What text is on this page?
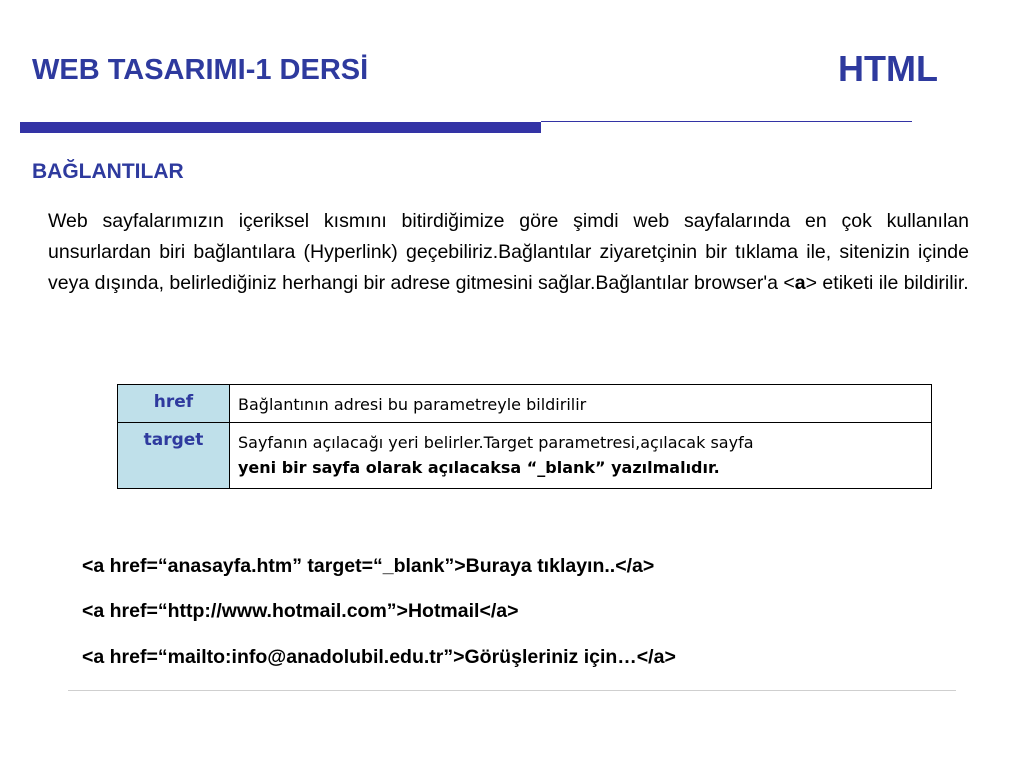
WEB TASARIMI-1 DERSİ	HTML
BAĞLANTILAR
Web sayfalarımızın içeriksel kısmını bitirdiğimize göre şimdi web sayfalarında en çok kullanılan unsurlardan biri bağlantılara (Hyperlink) geçebiliriz.Bağlantılar ziyaretçinin bir tıklama ile, sitenizin içinde veya dışında, belirlediğiniz herhangi bir adrese gitmesini sağlar.Bağlantılar browser'a <a> etiketi ile bildirilir.
href	Bağlantının adresi bu parametreyle bildirilir
target	Sayfanın açılacağı yeri belirler.Target parametresi,açılacak sayfa
yeni bir sayfa olarak açılacaksa “_blank” yazılmalıdır.
<a href=“anasayfa.htm” target=“_blank”>Buraya tıklayın..</a>
<a href=“http://www.hotmail.com”>Hotmail</a>
<a href=“mailto:info@anadolubil.edu.tr”>Görüşleriniz için…</a>
